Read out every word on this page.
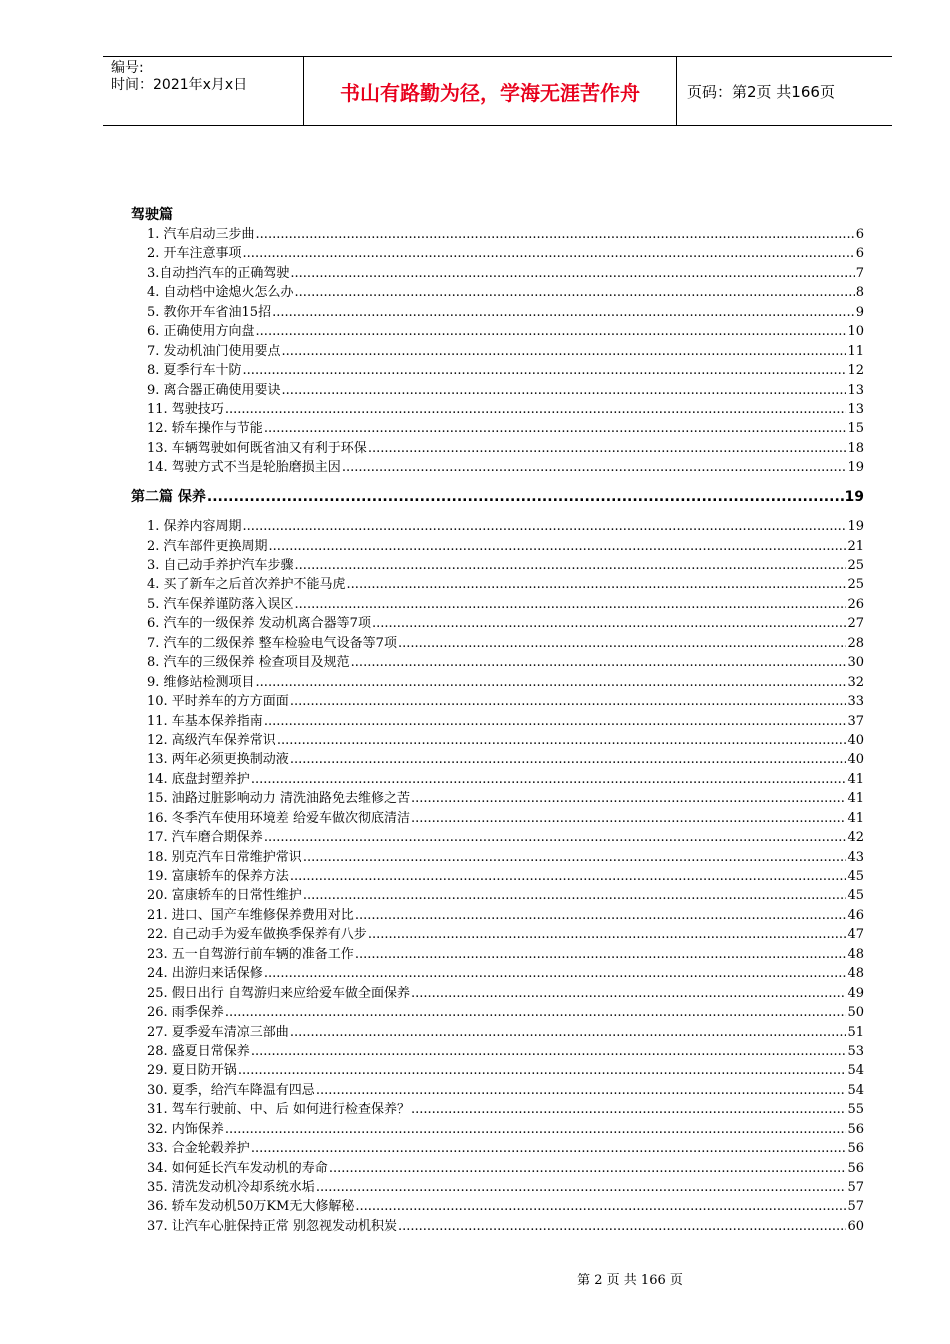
编号:
时间：2021年x月x日	书山有路勤为径，学海无涯苦作舟	页码：第2页 共166页
驾驶篇
1. 汽车启动三步曲 .....	6
2. 开车注意事项 .....	6
3.自动挡汽车的正确驾驶 .....	7
4. 自动档中途熄火怎么办 .....	8
5. 教你开车省油15招 .....	9
6. 正确使用方向盘 .....	10
7. 发动机油门使用要点 .....	11
8. 夏季行车十防 .....	12
9. 离合器正确使用要诀 .....	13
11. 驾驶技巧 .....	13
12. 轿车操作与节能 .....	15
13. 车辆驾驶如何既省油又有利于环保 .....	18
14. 驾驶方式不当是轮胎磨损主因 .....	19
第二篇 保养 .....	19
1. 保养内容周期 .....	19
2. 汽车部件更换周期 .....	21
3. 自己动手养护汽车步骤 .....	25
4. 买了新车之后首次养护不能马虎 .....	25
5. 汽车保养谨防落入误区 .....	26
6. 汽车的一级保养 发动机离合器等7项 .....	27
7. 汽车的二级保养 整车检验电气设备等7项 .....	28
8. 汽车的三级保养 检查项目及规范 .....	30
9. 维修站检测项目 .....	32
10. 平时养车的方方面面 .....	33
11. 车基本保养指南 .....	37
12. 高级汽车保养常识 .....	40
13. 两年必须更换制动液 .....	40
14. 底盘封塑养护 .....	41
15. 油路过脏影响动力 清洗油路免去维修之苦 .....	41
16. 冬季汽车使用环境差 给爱车做次彻底清洁 .....	41
17. 汽车磨合期保养 .....	42
18. 别克汽车日常维护常识 .....	43
19. 富康轿车的保养方法 .....	45
20. 富康轿车的日常性维护 .....	45
21. 进口、国产车维修保养费用对比 .....	46
22. 自己动手为爱车做换季保养有八步 .....	47
23. 五一自驾游行前车辆的准备工作 .....	48
24. 出游归来话保修 .....	48
25. 假日出行 自驾游归来应给爱车做全面保养 .....	49
26. 雨季保养 .....	50
27. 夏季爱车清凉三部曲 .....	51
28. 盛夏日常保养 .....	53
29. 夏日防开锅 .....	54
30. 夏季，给汽车降温有四忌 .....	54
31. 驾车行驶前、中、后 如何进行检查保养？ .....	55
32. 内饰保养 .....	56
33. 合金轮毂养护 .....	56
34. 如何延长汽车发动机的寿命 .....	56
35. 清洗发动机冷却系统水垢 .....	57
36. 轿车发动机50万KM无大修解秘 .....	57
37. 让汽车心脏保持正常 别忽视发动机积炭 .....	60
第 2 页 共 166 页
